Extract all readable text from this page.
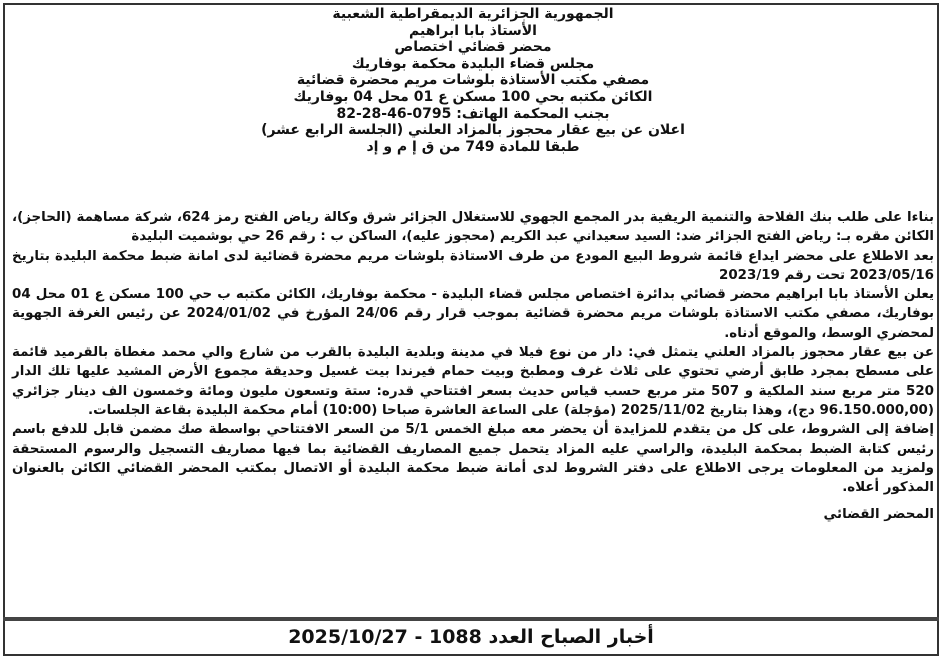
الجمهورية الجزائرية الديمقراطية الشعبية
الأستاذ بابا ابراهيم
محضر قضائي اختصاص
مجلس قضاء البليدة محكمة بوفاريك
مصفي مكتب الأستاذة بلوشات مريم محضرة قضائية
الكائن مكتبه بحي 100 مسكن ع 01 محل 04 بوفاريك
بجنب المحكمة الهاتف: 0795-46-28-82
اعلان عن بيع عقار محجوز بالمزاد العلني (الجلسة الرابع عشر)
طبقا للمادة 749 من ق إ م و إد

بناءا على طلب بنك الفلاحة والتنمية الريفية بدر المجمع الجهوي للاستغلال الجزائر شرق وكالة رياض الفتح رمز 624، شركة مساهمة (الحاجز)، الكائن مقره بـ: رياض الفتح الجزائر ضد: السيد سعيداني عبد الكريم (محجوز عليه)، الساكن ب : رقم 26 حي بوشميت البليدة

بعد الاطلاع على محضر ايداع قائمة شروط البيع المودع من طرف الاستاذة بلوشات مريم محضرة قضائية لدى امانة ضبط محكمة البليدة بتاريخ 2023/05/16 تحت رقم 2023/19

يعلن الأستاذ بابا ابراهيم محضر قضائي بدائرة اختصاص مجلس قضاء البليدة - محكمة بوفاريك، الكائن مكتبه ب حي 100 مسكن ع 01 محل 04 بوفاريك، مصفي مكتب الاستاذة بلوشات مريم محضرة قضائية بموجب قرار رقم 24/06 المؤرخ في 2024/01/02 عن رئيس الغرفة الجهوية لمحضري الوسط، والموقع أدناه.

عن بيع عقار محجوز بالمزاد العلني يتمثل في: دار من نوع فيلا في مدينة وبلدية البليدة بالقرب من شارع والي محمد مغطاة بالقرميد قائمة على مسطح بمجرد طابق أرضي تحتوي على ثلاث غرف ومطبخ وبيت حمام فيرندا بيت غسيل وحديقة مجموع الأرض المشيد عليها تلك الدار 520 متر مربع سند الملكية و 507 متر مربع حسب قياس حديث بسعر افتتاحي قدره: ستة وتسعون مليون ومائة وخمسون الف دينار جزائري (96.150.000,00 دج)، وهذا بتاريخ 2025/11/02 (مؤجلة) على الساعة العاشرة صباحا (10:00) أمام محكمة البليدة بقاعة الجلسات.

إضافة إلى الشروط، على كل من يتقدم للمزايدة أن يحضر معه مبلغ الخمس 5/1 من السعر الافتتاحي بواسطة صك مضمن قابل للدفع باسم رئيس كتابة الضبط بمحكمة البليدة، والراسي عليه المزاد يتحمل جميع المصاريف القضائية بما فيها مصاريف التسجيل والرسوم المستحقة ولمزيد من المعلومات يرجى الاطلاع على دفتر الشروط لدى أمانة ضبط محكمة البليدة أو الاتصال بمكتب المحضر القضائي الكائن بالعنوان المذكور أعلاه.

المحضر القضائي

أخبار الصباح العدد 1088 - 2025/10/27
